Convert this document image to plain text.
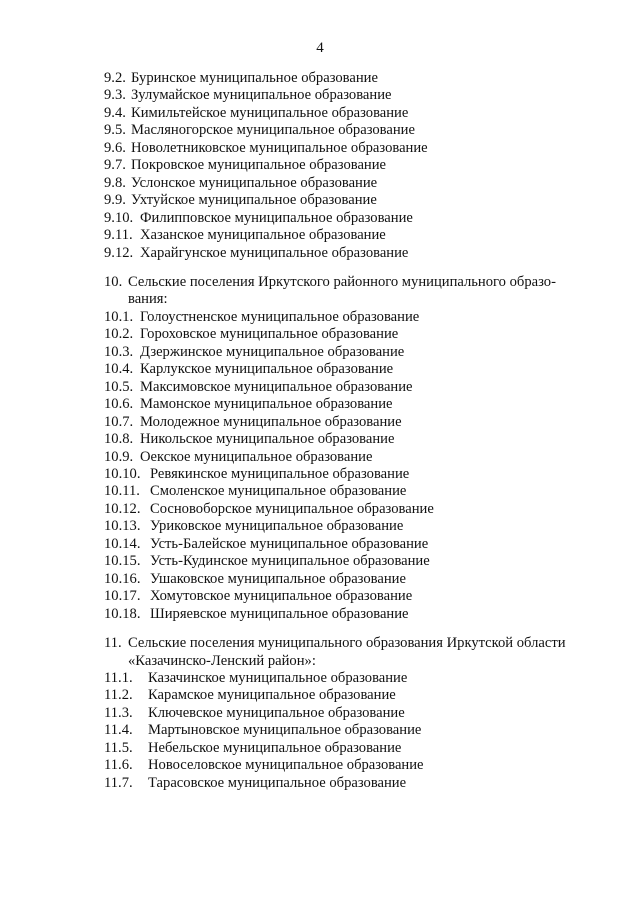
4
9.2. Буринское муниципальное образование
9.3. Зулумайское муниципальное образование
9.4. Кимильтейское муниципальное образование
9.5. Масляногорское муниципальное образование
9.6. Новолетниковское муниципальное образование
9.7. Покровское муниципальное образование
9.8. Услонское муниципальное образование
9.9. Ухтуйское муниципальное образование
9.10. Филипповское муниципальное образование
9.11. Хазанское муниципальное образование
9.12. Харайгунское муниципальное образование
10. Сельские поселения Иркутского районного муниципального образо-
вания:
10.1. Голоустненское муниципальное образование
10.2. Гороховское муниципальное образование
10.3. Дзержинское муниципальное образование
10.4. Карлукское муниципальное образование
10.5. Максимовское муниципальное образование
10.6. Мамонское муниципальное образование
10.7. Молодежное муниципальное образование
10.8. Никольское муниципальное образование
10.9. Оекское муниципальное образование
10.10. Ревякинское муниципальное образование
10.11. Смоленское муниципальное образование
10.12. Сосновоборское муниципальное образование
10.13. Уриковское муниципальное образование
10.14. Усть-Балейское муниципальное образование
10.15. Усть-Кудинское муниципальное образование
10.16. Ушаковское муниципальное образование
10.17. Хомутовское муниципальное образование
10.18. Ширяевское муниципальное образование
11. Сельские поселения муниципального образования Иркутской области
«Казачинско-Ленский район»:
11.1.	Казачинское муниципальное образование
11.2.	Карамское муниципальное образование
11.3.	Ключевское муниципальное образование
11.4.	Мартыновское муниципальное образование
11.5.	Небельское муниципальное образование
11.6.	Новоселовское муниципальное образование
11.7.	Тарасовское муниципальное образование
